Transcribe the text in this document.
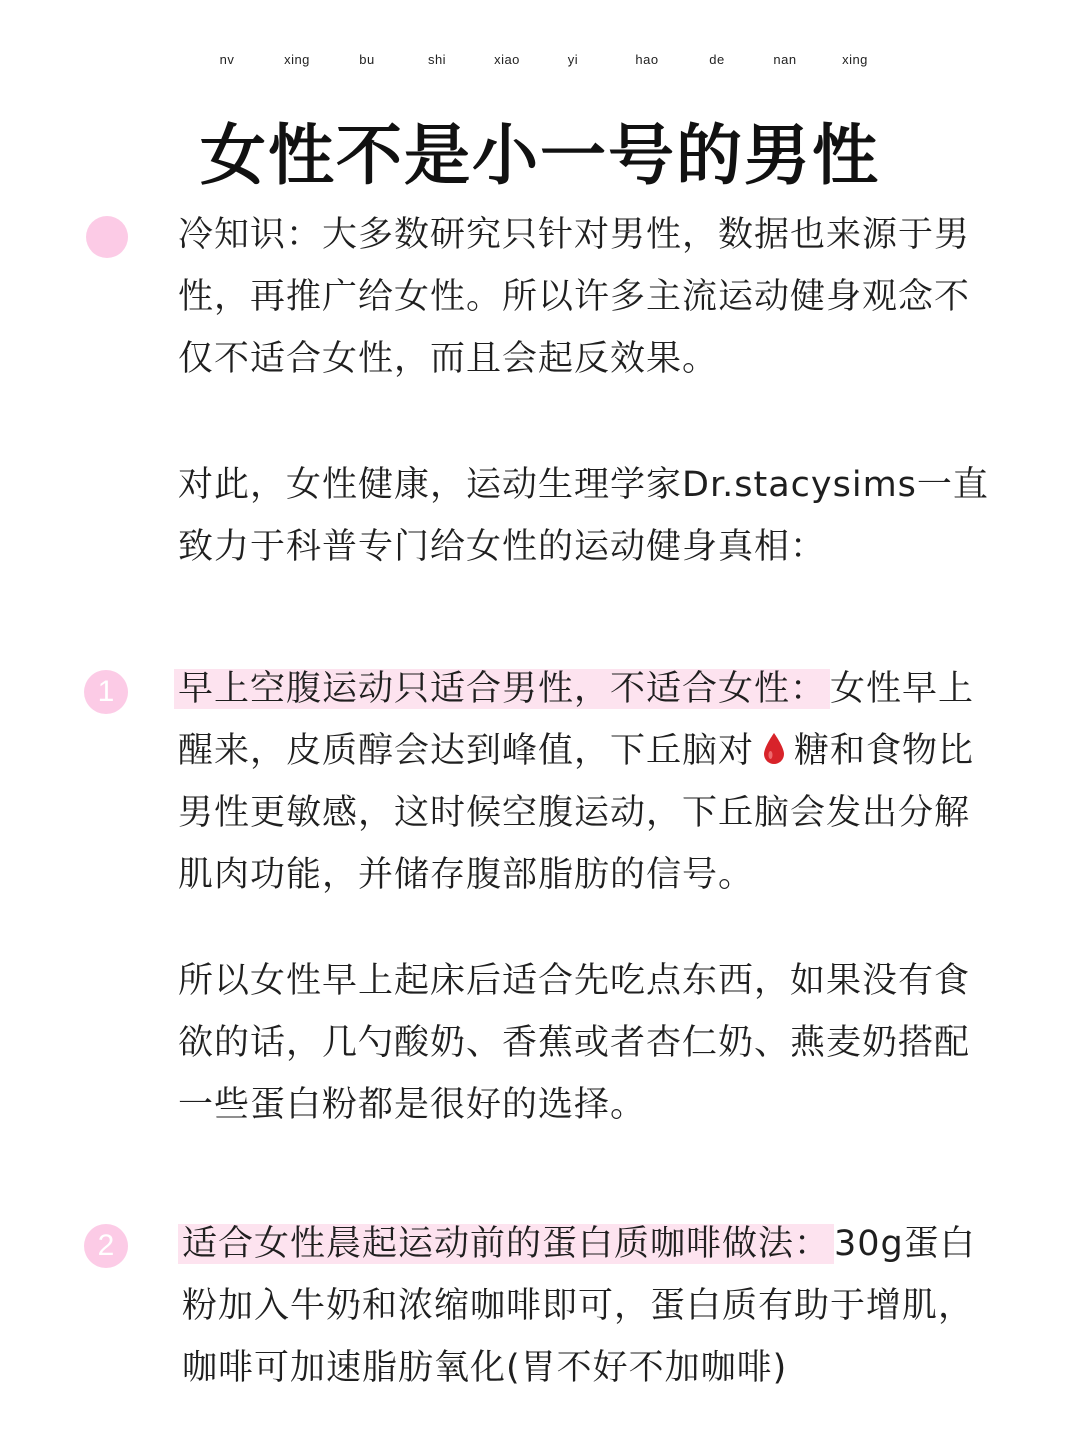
nv	xing	bu	shi	xiao	yi	hao	de	nan	xing
女性不是小一号的男性

冷知识：大多数研究只针对男性，数据也来源于男性，再推广给女性。所以许多主流运动健身观念不仅不适合女性，而且会起反效果。

对此，女性健康，运动生理学家Dr.stacysims一直致力于科普专门给女性的运动健身真相：

1	早上空腹运动只适合男性，不适合女性： 女性早上醒来，皮质醇会达到峰值，下丘脑对 糖和食物比男性更敏感，这时候空腹运动，下丘脑会发出分解肌肉功能，并储存腹部脂肪的信号。

所以女性早上起床后适合先吃点东西，如果没有食欲的话，几勺酸奶、香蕉或者杏仁奶、燕麦奶搭配一些蛋白粉都是很好的选择。

2	适合女性晨起运动前的蛋白质咖啡做法： 30g蛋白粉加入牛奶和浓缩咖啡即可，蛋白质有助于增肌，咖啡可加速脂肪氧化(胃不好不加咖啡)
